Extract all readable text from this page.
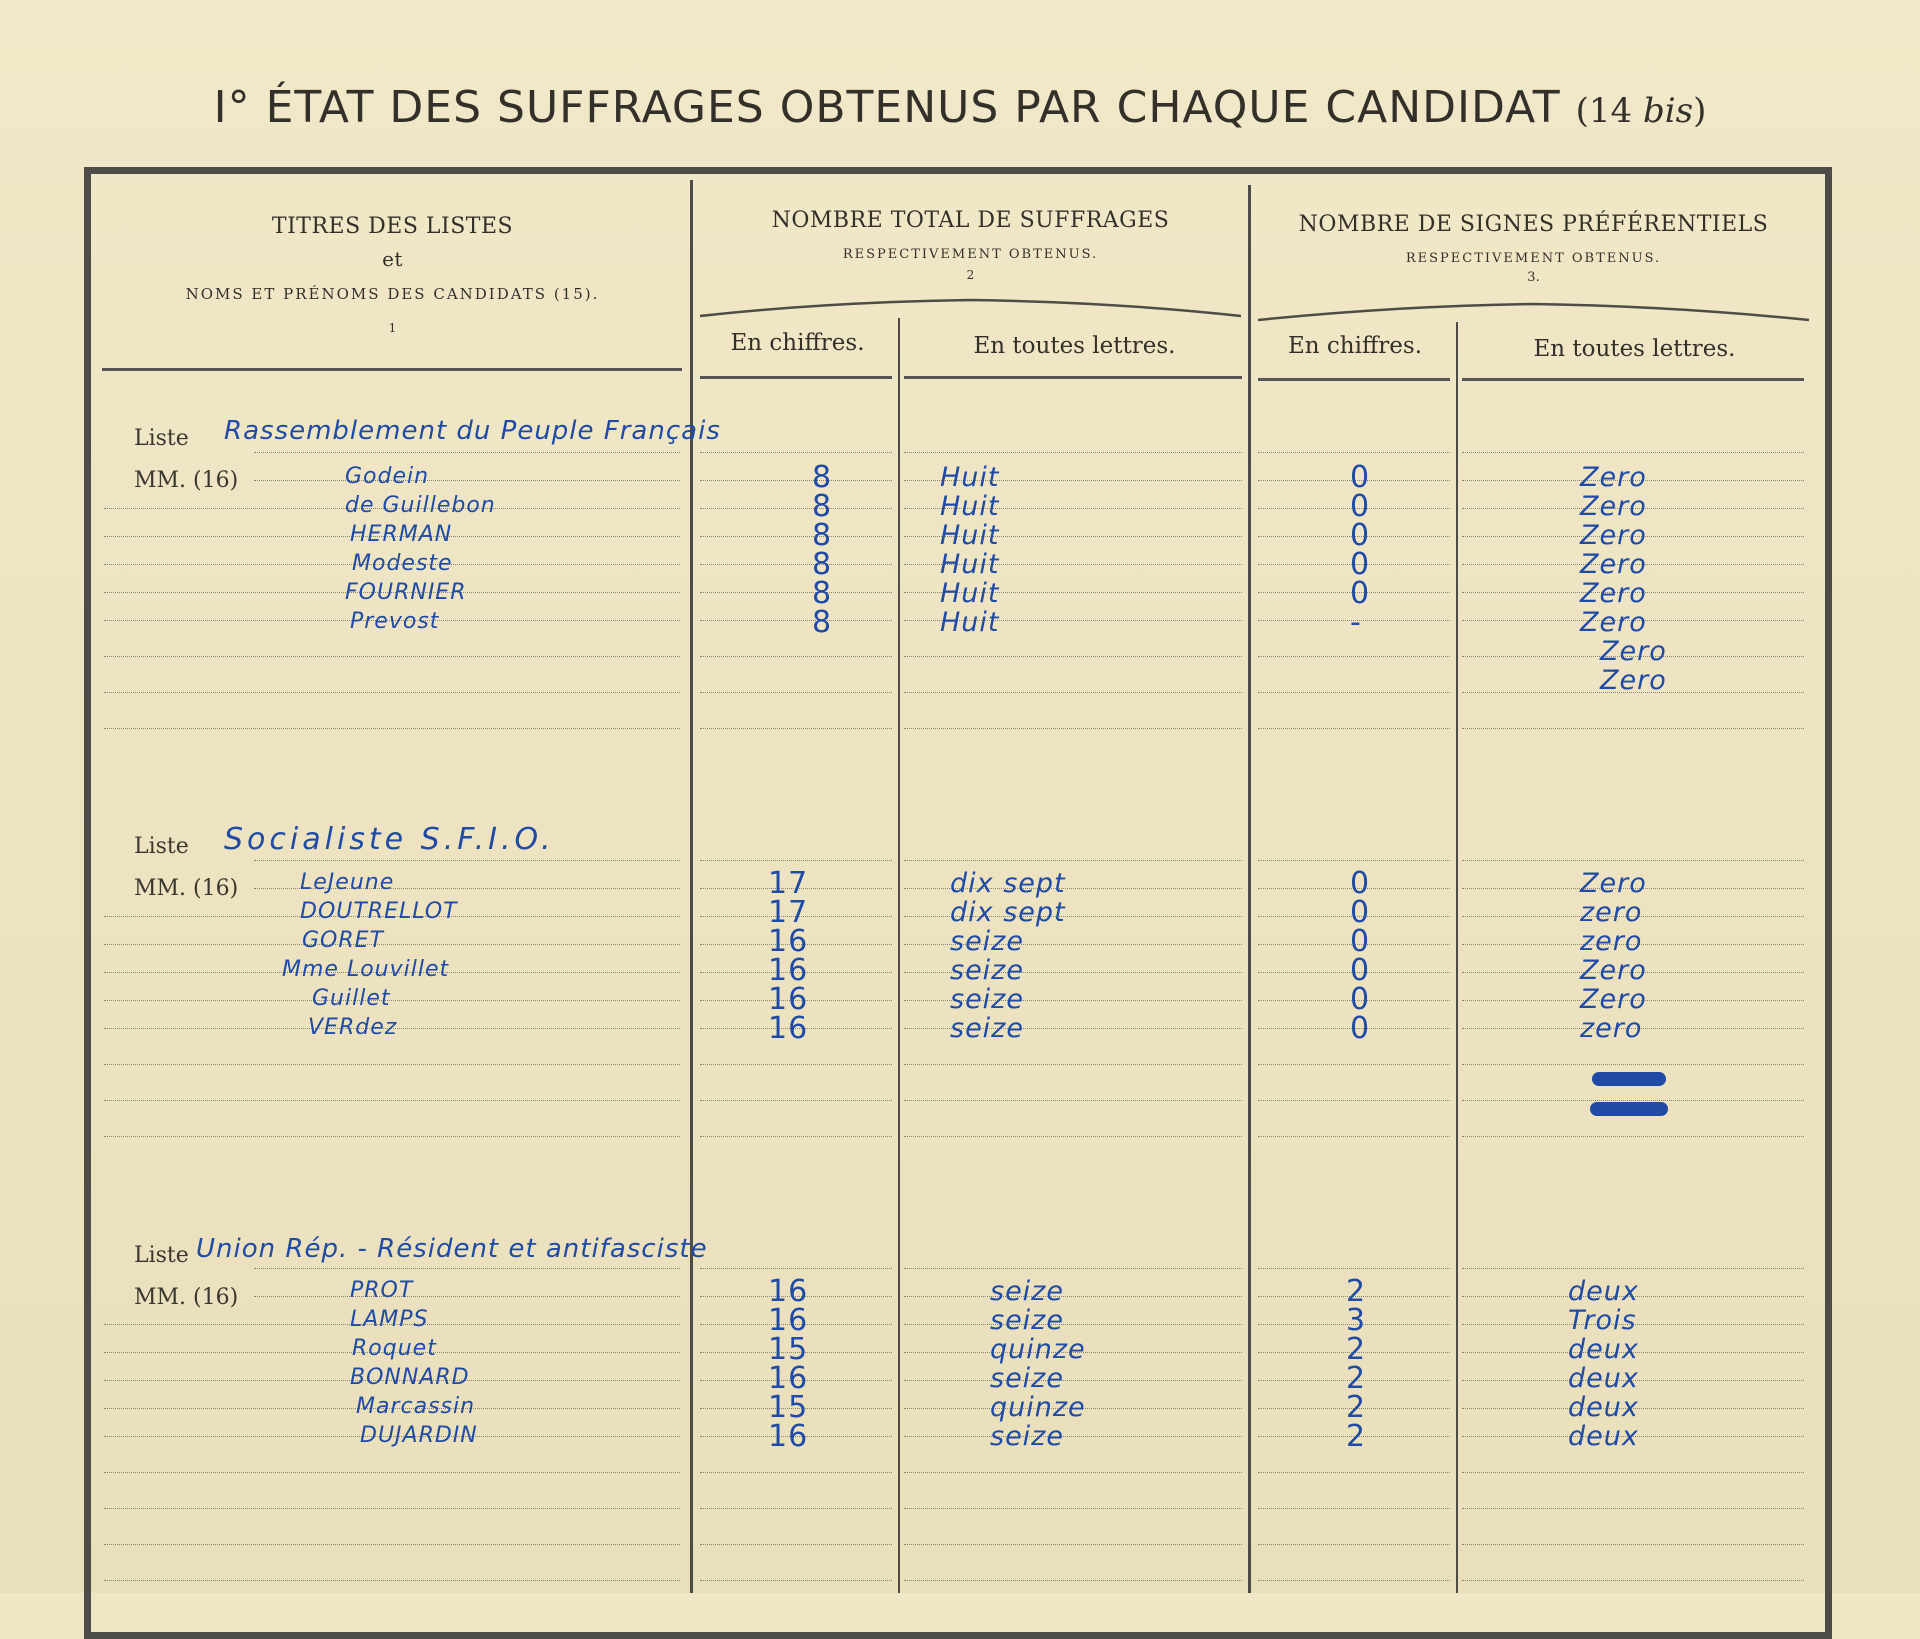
I° ÉTAT DES SUFFRAGES OBTENUS PAR CHAQUE CANDIDAT (14 bis)
TITRES DES LISTES
et
NOMS ET PRÉNOMS DES CANDIDATS (15).
1
NOMBRE TOTAL DE SUFFRAGES
RESPECTIVEMENT OBTENUS.
2
En chiffres.	En toutes lettres.
NOMBRE DE SIGNES PRÉFÉRENTIELS
RESPECTIVEMENT OBTENUS.
3.
En chiffres.	En toutes lettres.
Liste
MM. (16)
Liste
MM. (16)
Liste
MM. (16)
Rassemblement du Peuple Français
Socialiste S.F.I.O.
Union Rép. - Résident et antifasciste
Godein	8	Huit	0	Zero
de Guillebon	8	Huit	0	Zero
HERMAN	8	Huit	0	Zero
Modeste	8	Huit	0	Zero
FOURNIER	8	Huit	0	Zero
Prevost	8	Huit	-	Zero
Zero
Zero
LeJeune	17	dix sept	0	Zero
DOUTRELLOT	17	dix sept	0	zero
GORET	16	seize	0	zero
Mme Louvillet	16	seize	0	Zero
Guillet	16	seize	0	Zero
VERdez	16	seize	0	zero
PROT	16	seize	2	deux
LAMPS	16	seize	3	Trois
Roquet	15	quinze	2	deux
BONNARD	16	seize	2	deux
Marcassin	15	quinze	2	deux
DUJARDIN	16	seize	2	deux
